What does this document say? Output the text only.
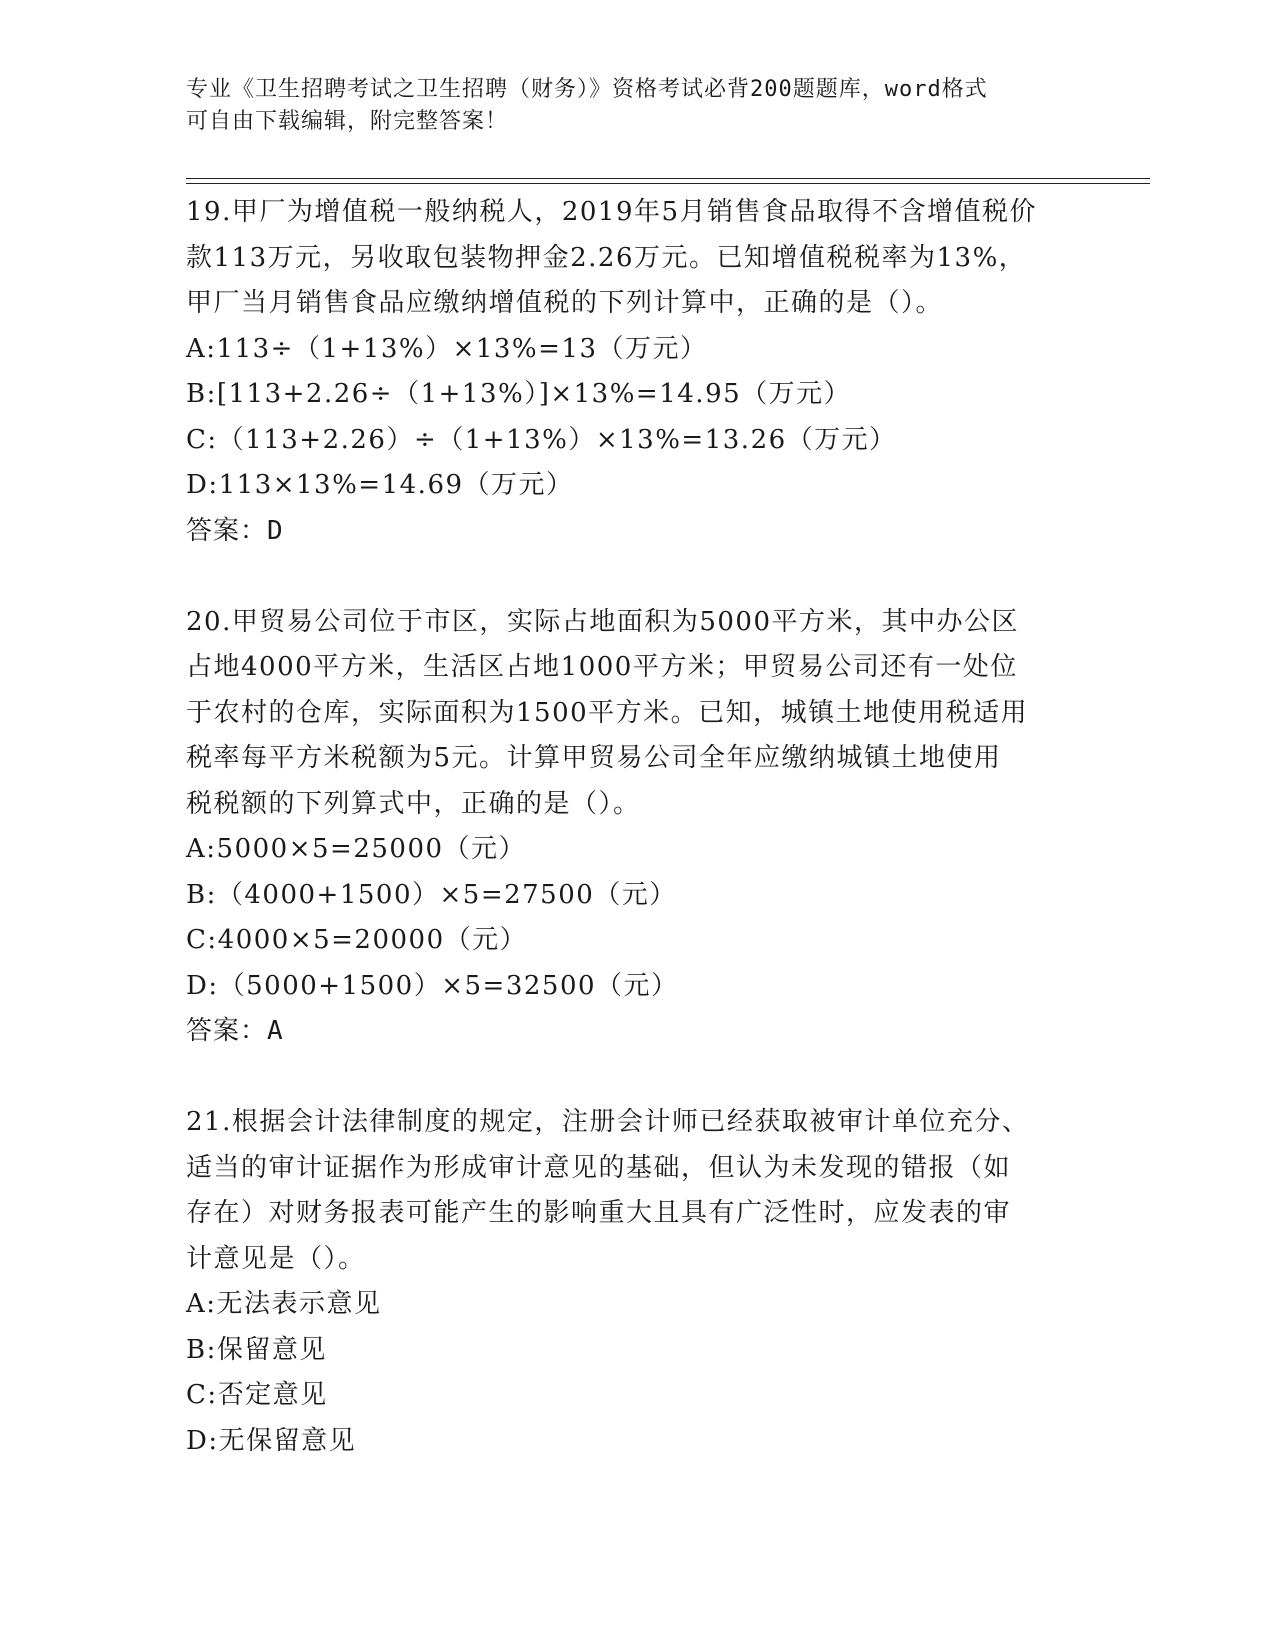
专业《卫生招聘考试之卫生招聘（财务）》资格考试必背200题题库，word格式
可自由下载编辑，附完整答案！
19.甲厂为增值税一般纳税人，2019年5月销售食品取得不含增值税价
款113万元，另收取包装物押金2.26万元。已知增值税税率为13%，
甲厂当月销售食品应缴纳增值税的下列计算中，正确的是（）。
A:113÷（1+13%）×13%=13（万元）
B:[113+2.26÷（1+13%）]×13%=14.95（万元）
C:（113+2.26）÷（1+13%）×13%=13.26（万元）
D:113×13%=14.69（万元）
答案：D
20.甲贸易公司位于市区，实际占地面积为5000平方米，其中办公区
占地4000平方米，生活区占地1000平方米；甲贸易公司还有一处位
于农村的仓库，实际面积为1500平方米。已知，城镇土地使用税适用
税率每平方米税额为5元。计算甲贸易公司全年应缴纳城镇土地使用
税税额的下列算式中，正确的是（）。
A:5000×5=25000（元）
B:（4000+1500）×5=27500（元）
C:4000×5=20000（元）
D:（5000+1500）×5=32500（元）
答案：A
21.根据会计法律制度的规定，注册会计师已经获取被审计单位充分、
适当的审计证据作为形成审计意见的基础，但认为未发现的错报（如
存在）对财务报表可能产生的影响重大且具有广泛性时，应发表的审
计意见是（）。
A:无法表示意见
B:保留意见
C:否定意见
D:无保留意见
